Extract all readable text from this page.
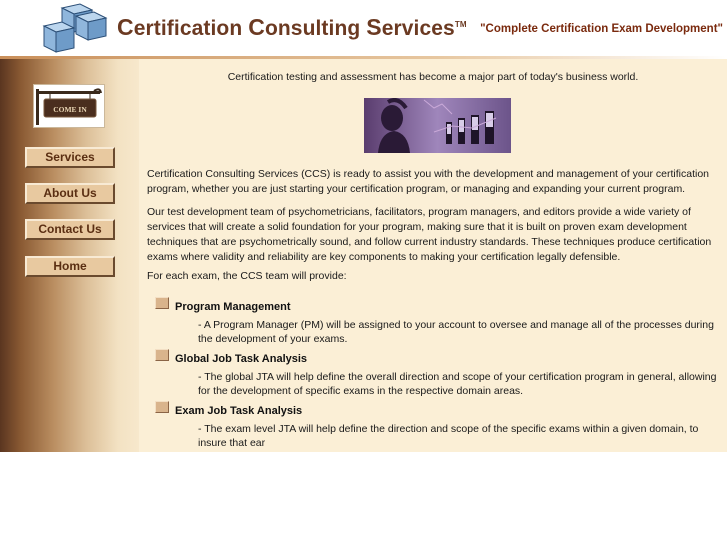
Certification Consulting Services™ "Complete Certification Exam Development"
COME IN
Services
About Us
Contact Us
Home
Certification testing and assessment has become a major part of today's business world.

Certification Consulting Services (CCS) is ready to assist you with the development and management of your certification program, whether you are just starting your certification program, or managing and expanding your current program.

Our test development team of psychometricians, facilitators, program managers, and editors provide a wide variety of services that will create a solid foundation for your program, making sure that it is built on proven exam development techniques that are psychometrically sound, and follow current industry standards. These techniques produce certification exams where validity and reliability are key components to making your certification legally defensible.

For each exam, the CCS team will provide:

Program Management

- A Program Manager (PM) will be assigned to your account to oversee and manage all of the processes during the development of your exams.

Global Job Task Analysis

- The global JTA will help define the overall direction and scope of your certification program in general, allowing for the development of specific exams in the respective domain areas.

Exam Job Task Analysis

- The exam level JTA will help define the direction and scope of the specific exams within a given domain, to insure that ear
